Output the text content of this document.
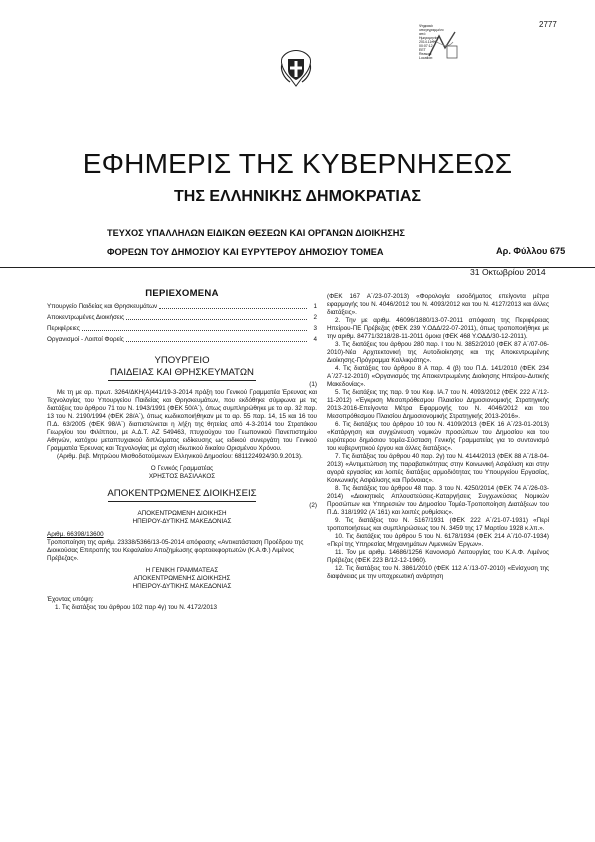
2777
Ψηφιακά
υπογεγραμμένο
από
Ημερομηνία:
2014.11.01
00:07:12
EET
Reason:
Location:
ΕΦΗΜΕΡΙΣ ΤΗΣ ΚΥΒΕΡΝΗΣΕΩΣ
ΤΗΣ ΕΛΛΗΝΙΚΗΣ ΔΗΜΟΚΡΑΤΙΑΣ
ΤΕΥΧΟΣ ΥΠΑΛΛΗΛΩΝ ΕΙΔΙΚΩΝ ΘΕΣΕΩΝ ΚΑΙ ΟΡΓΑΝΩΝ ΔΙΟΙΚΗΣΗΣ
ΦΟΡΕΩΝ ΤΟΥ ΔΗΜΟΣΙΟΥ ΚΑΙ ΕΥΡΥΤΕΡΟΥ ΔΗΜΟΣΙΟΥ ΤΟΜΕΑ	Αρ. Φύλλου 675
31 Οκτωβρίου 2014
ΠΕΡΙΕΧΟΜΕΝΑ
Υπουργείο Παιδείας και Θρησκευμάτων	1
Αποκεντρωμένες Διοικήσεις	2
Περιφέρειες	3
Οργανισμοί - Λοιποί Φορείς	4
ΥΠΟΥΡΓΕΙΟ
ΠΑΙΔΕΙΑΣ ΚΑΙ ΘΡΗΣΚΕΥΜΑΤΩΝ

(1)

Με τη με αρ. πρωτ. 3264/ΔΚΗ(Α)441/19-3-2014 πράξη του Γενικού Γραμματέα Έρευνας και Τεχνολογίας του Υπουργείου Παιδείας και Θρησκευμάτων, που εκδόθηκε σύμφωνα με τις διατάξεις του άρθρου 71 του Ν. 1943/1991 (ΦΕΚ 50/Α΄), όπως συμπληρώθηκε με το αρ. 32 παρ. 13 του Ν. 2190/1994 (ΦΕΚ 28/Α΄), όπως κωδικοποιήθηκαν με το αρ. 55 παρ. 14, 15 και 16 του Π.Δ. 63/2005 (ΦΕΚ 98/Α΄) διαπιστώνεται η λήξη της θητείας από 4-3-2014 του Στρατάκου Γεωργίου του Φιλίππου, με Α.Δ.Τ. ΑΖ 549463, πτυχιούχου του Γεωπονικού Πανεπιστημίου Αθηνών, κατόχου μεταπτυχιακού διπλώματος ειδίκευσης ως ειδικού συνεργάτη του Γενικού Γραμματέα Έρευνας και Τεχνολογίας με σχέση ιδιωτικού δικαίου Ορισμένου Χρόνου.

(Αριθμ. βεβ. Μητρώου Μισθοδοτούμενων Ελληνικού Δημοσίου: 6811224924/30.9.2013).

Ο Γενικός Γραμματέας

ΧΡΗΣΤΟΣ ΒΑΣΙΛΑΚΟΣ

ΑΠΟΚΕΝΤΡΩΜΕΝΕΣ ΔΙΟΙΚΗΣΕΙΣ

(2)

ΑΠΟΚΕΝΤΡΩΜΕΝΗ ΔΙΟΙΚΗΣΗ

ΗΠΕΙΡΟΥ-ΔΥΤΙΚΗΣ ΜΑΚΕΔΟΝΙΑΣ

Αριθμ. 66398/13600

Τροποποίηση της αριθμ. 23338/5366/13-05-2014 απόφασης «Αντικατάσταση Προέδρου της Διοικούσας Επιτροπής του Κεφαλαίου Αποζημίωσης φορτοεκφορτωτών (Κ.Α.Φ.) Λιμένος Πρέβεζας».

Η ΓΕΝΙΚΗ ΓΡΑΜΜΑΤΕΑΣ

ΑΠΟΚΕΝΤΡΩΜΕΝΗΣ ΔΙΟΙΚΗΣΗΣ

ΗΠΕΙΡΟΥ-ΔΥΤΙΚΗΣ ΜΑΚΕΔΟΝΙΑΣ

Έχοντας υπόψη:

1. Τις διατάξεις του άρθρου 102 παρ 4γ) του Ν. 4172/2013

(ΦΕΚ 167 Α΄/23-07-2013) «Φορολογία εισοδήματος επείγοντα μέτρα εφαρμογής του Ν. 4046/2012 του Ν. 4093/2012 και του Ν. 4127/2013 και άλλες διατάξεις».

2. Την με αριθμ. 46096/1880/13-07-2011 απόφαση της Περιφέρειας Ηπείρου-ΠΕ Πρέβεζας (ΦΕΚ 239 Υ.ΟΔΔ/22-07-2011), όπως τροποποιήθηκε με την αριθμ. 84771/3218/28-11-2011 όμοια (ΦΕΚ 468 Υ.ΟΔΔ/30-12-2011).

3. Τις διατάξεις του άρθρου 280 παρ. Ι του Ν. 3852/2010 (ΦΕΚ 87 Α΄/07-06-2010)-Νέα Αρχιτεκτονική της Αυτοδιοίκησης και της Αποκεντρωμένης Διοίκησης-Πρόγραμμα Καλλικράτης».

4. Τις διατάξεις του άρθρου 8 Α παρ. 4 (β) του Π.Δ. 141/2010 (ΦΕΚ 234 Α΄/27-12-2010) «Οργανισμός της Αποκεντρωμένης Διοίκησης Ηπείρου-Δυτικής Μακεδονίας».

5. Τις διατάξεις της παρ. 9 του Κεφ. ΙΑ.7 του Ν. 4093/2012 (ΦΕΚ 222 Α΄/12-11-2012) «Έγκριση Μεσοπρόθεσμου Πλαισίου Δημοσιονομικής Στρατηγικής 2013-2016-Επείγοντα Μέτρα Εφαρμογής του Ν. 4046/2012 και του Μεσοπρόθεσμου Πλαισίου Δημοσιονομικής Στρατηγικής 2013-2016».

6. Τις διατάξεις του άρθρου 10 του Ν. 4109/2013 (ΦΕΚ 16 Α΄/23-01-2013) «Κατάργηση και συγχώνευση νομικών προσώπων του Δημοσίου και του ευρύτερου δημόσιου τομέα-Σύσταση Γενικής Γραμματείας για το συντονισμό του κυβερνητικού έργου και άλλες διατάξεις».

7. Τις διατάξεις του άρθρου 40 παρ. 2γ) του Ν. 4144/2013 (ΦΕΚ 88 Α΄/18-04-2013) «Αντιμετώπιση της παραβατικότητας στην Κοινωνική Ασφάλιση και στην αγορά εργασίας και λοιπές διατάξεις αρμοδιότητας του Υπουργείου Εργασίας, Κοινωνικής Ασφάλισης και Πρόνοιας».

8. Τις διατάξεις του άρθρου 48 παρ. 3 του Ν. 4250/2014 (ΦΕΚ 74 Α΄/26-03-2014) «Διοικητικές Απλουστεύσεις-Καταργήσεις Συγχωνεύσεις Νομικών Προσώπων και Υπηρεσιών του Δημοσίου Τομέα-Τροποποίηση Διατάξεων του Π.Δ. 318/1992 (Α΄161) και λοιπές ρυθμίσεις».

9. Τις διατάξεις του Ν. 5167/1931 (ΦΕΚ 222 Α΄/21-07-1931) «Περί τροποποιήσεως και συμπληρώσεως του Ν. 3459 της 17 Μαρτίου 1928 κ.λπ.».

10. Τις διατάξεις του άρθρου 5 του Ν. 6178/1934 (ΦΕΚ 214 Α΄/10-07-1934) «Περί της Υπηρεσίας Μηχανημάτων Λιμενικών Έργων».

11. Τον με αριθμ. 14686/1256 Κανονισμό Λειτουργίας του Κ.Α.Φ. Λιμένος Πρέβεζας (ΦΕΚ 223 Β/12-12-1960).

12. Τις διατάξεις του Ν. 3861/2010 (ΦΕΚ 112 Α΄/13-07-2010) «Ενίσχυση της διαφάνειας με την υποχρεωτική ανάρτηση
